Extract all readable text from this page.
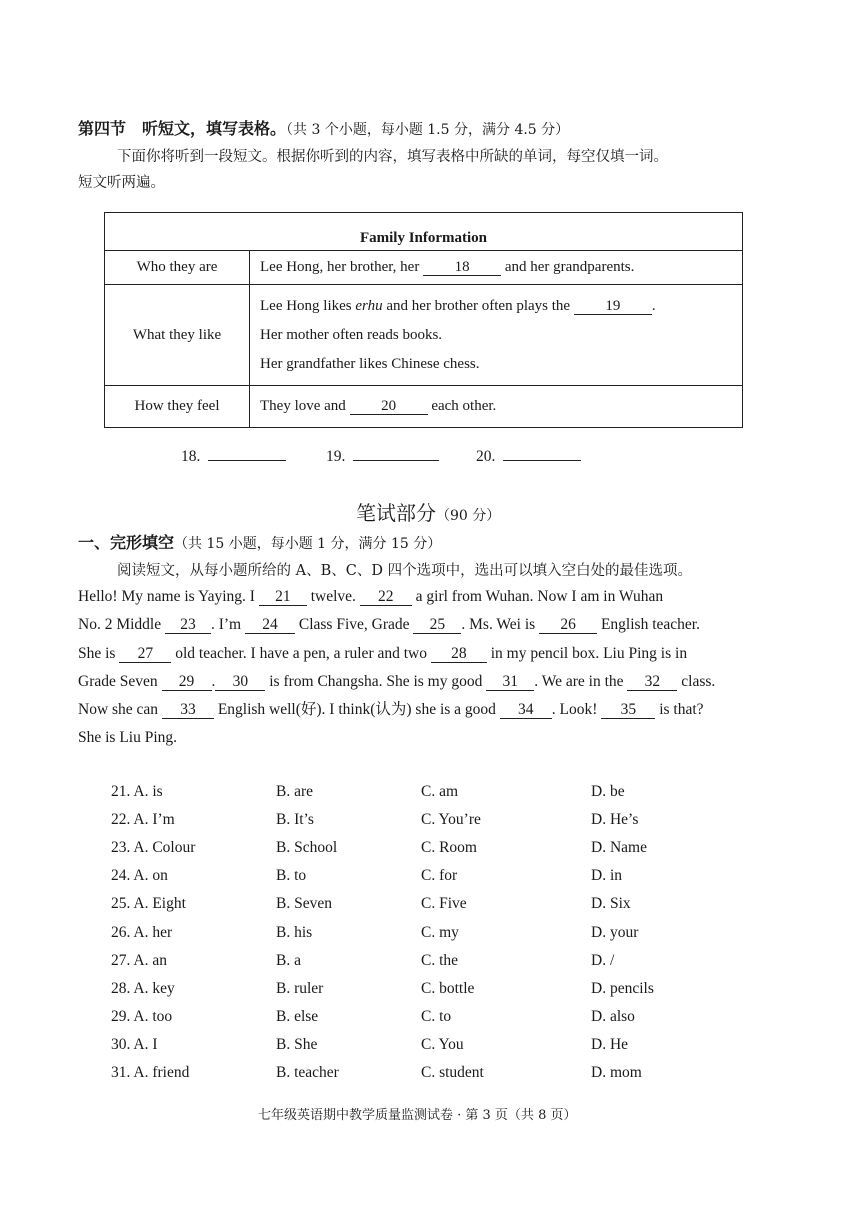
第四节　听短文，填写表格。（共 3 个小题，每小题 1.5 分，满分 4.5 分）
下面你将听到一段短文。根据你听到的内容，填写表格中所缺的单词，每空仅填一词。
短文听两遍。
Family Information	
Who they are	Lee Hong, her brother, her 18 and her grandparents.

What they like	Lee Hong likes erhu and her brother often plays the 19 .
Her mother often reads books.
Her grandfather likes Chinese chess.

How they feel	They love and 20 each other.
18.	19.	20.
笔试部分（90 分）
一、完形填空（共 15 小题，每小题 1 分，满分 15 分）
阅读短文，从每小题所给的 A、B、C、D 四个选项中，选出可以填入空白处的最佳选项。
Hello! My name is Yaying. I 21 twelve. 22 a girl from Wuhan. Now I am in Wuhan
No. 2 Middle 23 . I’m 24 Class Five, Grade 25 . Ms. Wei is 26 English teacher.
She is 27 old teacher. I have a pen, a ruler and two 28 in my pencil box. Liu Ping is in
Grade Seven 29 . 30 is from Changsha. She is my good 31 . We are in the 32 class.
Now she can 33 English well(好). I think(认为) she is a good 34 . Look! 35 is that?
She is Liu Ping.
21. A. is	B. are	C. am	D. be
22. A. I’m	B. It’s	C. You’re	D. He’s
23. A. Colour	B. School	C. Room	D. Name
24. A. on	B. to	C. for	D. in
25. A. Eight	B. Seven	C. Five	D. Six
26. A. her	B. his	C. my	D. your
27. A. an	B. a	C. the	D. /
28. A. key	B. ruler	C. bottle	D. pencils
29. A. too	B. else	C. to	D. also
30. A. I	B. She	C. You	D. He
31. A. friend	B. teacher	C. student	D. mom
七年级英语期中教学质量监测试卷 · 第 3 页（共 8 页）
